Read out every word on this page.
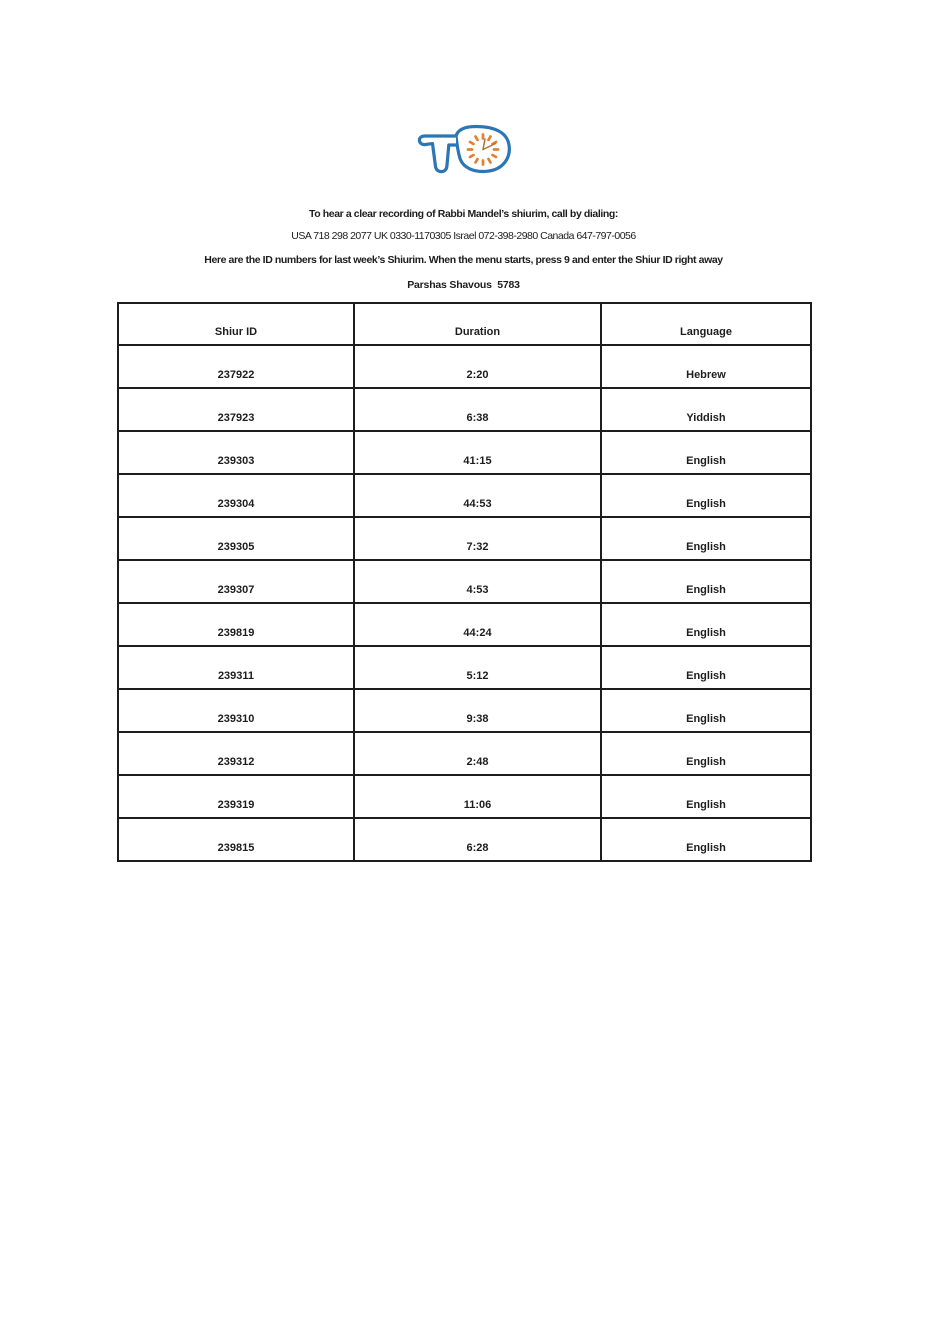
To hear a clear recording of Rabbi Mandel’s shiurim, call by dialing:

USA 718 298 2077 UK 0330-1170305 Israel 072-398-2980 Canada 647-797-0056

Here are the ID numbers for last week’s Shiurim. When the menu starts, press 9 and enter the Shiur ID right away

Parshas Shavous  5783

Shiur ID	Duration	Language
237922	2:20	Hebrew
237923	6:38	Yiddish
239303	41:15	English
239304	44:53	English
239305	7:32	English
239307	4:53	English
239819	44:24	English
239311	5:12	English
239310	9:38	English
239312	2:48	English
239319	11:06	English
239815	6:28	English
